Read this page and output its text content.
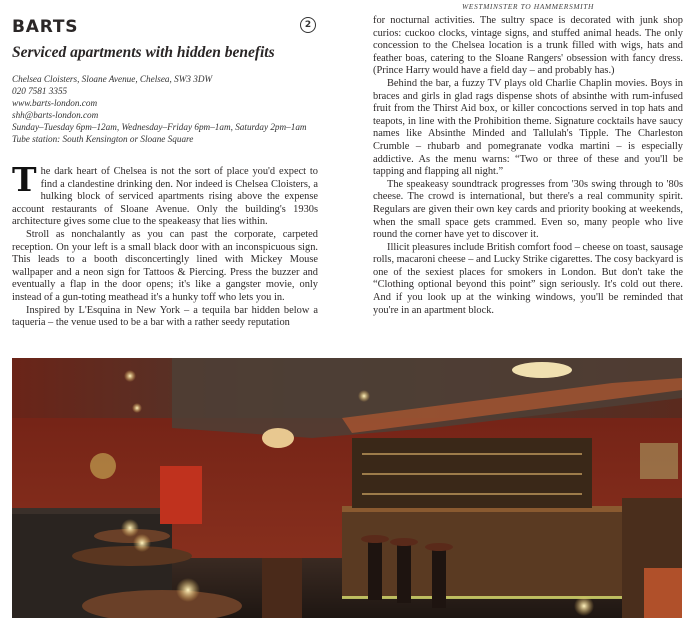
WESTMINSTER TO HAMMERSMITH
BARTS	2
Serviced apartments with hidden benefits
Chelsea Cloisters, Sloane Avenue, Chelsea, SW3 3DW
020 7581 3355
www.barts-london.com
shh@barts-london.com
Sunday–Tuesday 6pm–12am, Wednesday–Friday 6pm–1am, Saturday 2pm–1am
Tube station: South Kensington or Sloane Square

The dark heart of Chelsea is not the sort of place you'd expect to find a clandestine drinking den. Nor indeed is Chelsea Cloisters, a hulking block of serviced apartments rising above the expense account restaurants of Sloane Avenue. Only the building's 1930s architecture gives some clue to the speakeasy that lies within.

Stroll as nonchalantly as you can past the corporate, carpeted reception. On your left is a small black door with an inconspicuous sign. This leads to a booth disconcertingly lined with Mickey Mouse wallpaper and a neon sign for Tattoos & Piercing. Press the buzzer and eventually a flap in the door opens; it's like a gangster movie, only instead of a gun-toting meathead it's a hunky toff who lets you in.

Inspired by L'Esquina in New York – a tequila bar hidden below a taqueria – the venue used to be a bar with a rather seedy reputation

for nocturnal activities. The sultry space is decorated with junk shop curios: cuckoo clocks, vintage signs, and stuffed animal heads. The only concession to the Chelsea location is a trunk filled with wigs, hats and feather boas, catering to the Sloane Rangers' obsession with fancy dress. (Prince Harry would have a field day – and probably has.)

Behind the bar, a fuzzy TV plays old Charlie Chaplin movies. Boys in braces and girls in glad rags dispense shots of absinthe with rum-infused fruit from the Thirst Aid box, or killer concoctions served in top hats and teapots, in line with the Prohibition theme. Signature cocktails have saucy names like Absinthe Minded and Tallulah's Tipple. The Charleston Crumble – rhubarb and pomegranate vodka martini – is especially addictive. As the menu warns: “Two or three of these and you'll be tapping and flapping all night.”

The speakeasy soundtrack progresses from '30s swing through to '80s cheese. The crowd is international, but there's a real community spirit. Regulars are given their own key cards and priority booking at weekends, when the small space gets crammed. Even so, many people who live round the corner have yet to discover it.

Illicit pleasures include British comfort food – cheese on toast, sausage rolls, macaroni cheese – and Lucky Strike cigarettes. The cosy backyard is one of the sexiest places for smokers in London. But don't take the “Clothing optional beyond this point” sign seriously. It's cold out there. And if you look up at the winking windows, you'll be reminded that you're in an apartment block.
